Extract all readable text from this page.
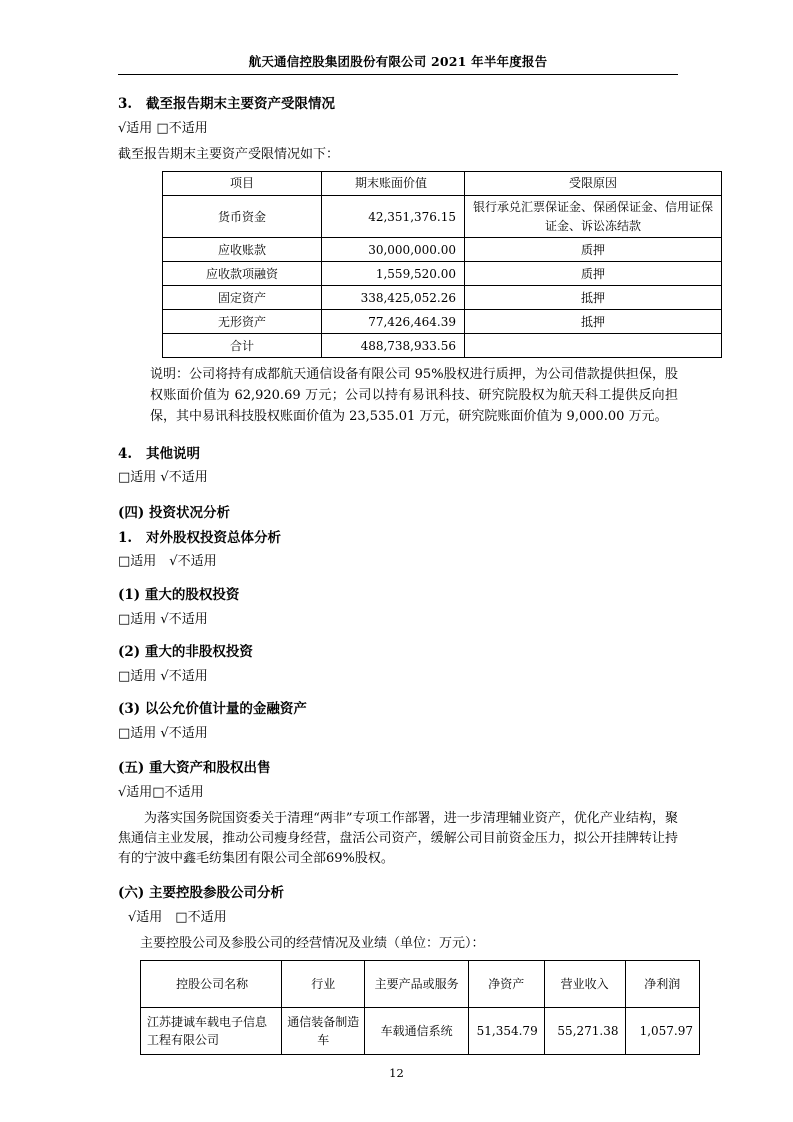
航天通信控股集团股份有限公司 2021 年半年度报告
3. 截至报告期末主要资产受限情况
√适用 □不适用
截至报告期末主要资产受限情况如下：
项目	期末账面价值	受限原因
货币资金	42,351,376.15	银行承兑汇票保证金、保函保证金、信用证保证金、诉讼冻结款
应收账款	30,000,000.00	质押
应收款项融资	1,559,520.00	质押
固定资产	338,425,052.26	抵押
无形资产	77,426,464.39	抵押
合计	488,738,933.56	
说明：公司将持有成都航天通信设备有限公司 95%股权进行质押，为公司借款提供担保，股权账面价值为 62,920.69 万元；公司以持有易讯科技、研究院股权为航天科工提供反向担保，其中易讯科技股权账面价值为 23,535.01 万元，研究院账面价值为 9,000.00 万元。
4. 其他说明
□适用 √不适用
(四) 投资状况分析
1. 对外股权投资总体分析
□适用　√不适用
(1) 重大的股权投资
□适用 √不适用
(2) 重大的非股权投资
□适用 √不适用
(3) 以公允价值计量的金融资产
□适用 √不适用
(五) 重大资产和股权出售
√适用□不适用
为落实国务院国资委关于清理“两非”专项工作部署，进一步清理辅业资产，优化产业结构，聚焦通信主业发展，推动公司瘦身经营，盘活公司资产，缓解公司目前资金压力，拟公开挂牌转让持有的宁波中鑫毛纺集团有限公司全部69%股权。
(六) 主要控股参股公司分析
√适用　□不适用
主要控股公司及参股公司的经营情况及业绩（单位：万元）：
控股公司名称	行业	主要产品或服务	净资产	营业收入	净利润
江苏捷诚车载电子信息工程有限公司	通信装备制造车	车载通信系统	51,354.79	55,271.38	1,057.97
12
